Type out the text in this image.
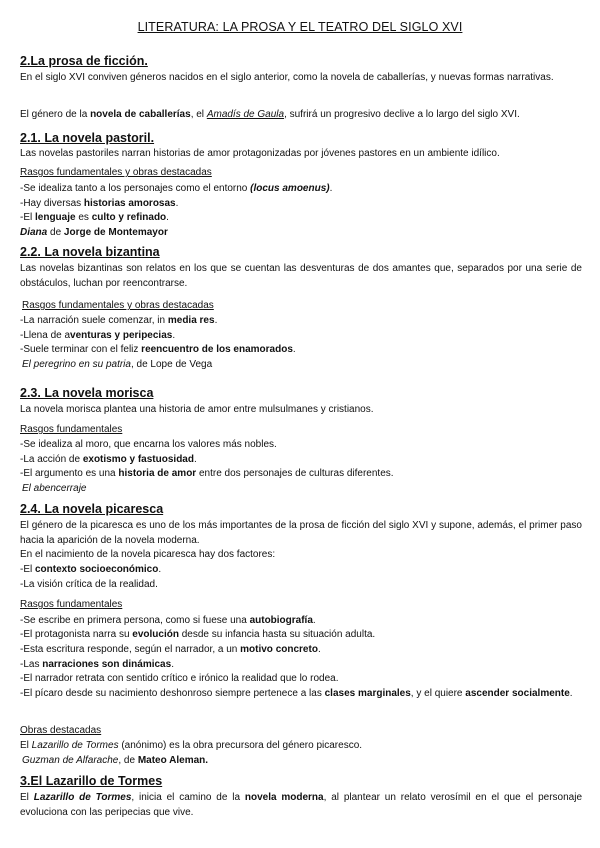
LITERATURA: LA PROSA Y EL TEATRO DEL SIGLO XVI
2.La prosa de ficción.
En el siglo XVI conviven géneros nacidos en el siglo anterior, como la novela de caballerías, y nuevas formas narrativas.
El género de la novela de caballerías, el Amadís de Gaula, sufrirá un progresivo declive a lo largo del siglo XVI.
2.1. La novela pastoril.
Las novelas pastoriles narran historias de amor protagonizadas por jóvenes pastores en un ambiente idílico.
Rasgos fundamentales y obras destacadas
-Se idealiza tanto a los personajes como el entorno (locus amoenus).
-Hay diversas historias amorosas.
-El lenguaje es culto y refinado.
Diana de Jorge de Montemayor
2.2. La novela bizantina
Las novelas bizantinas son relatos en los que se cuentan las desventuras de dos amantes que, separados por una serie de obstáculos, luchan por reencontrarse.
Rasgos fundamentales y obras destacadas
-La narración suele comenzar, in media res.
-Llena de aventuras y peripecias.
-Suele terminar con el feliz reencuentro de los enamorados.
El peregrino en su patria, de Lope de Vega
2.3. La novela morisca
La novela morisca plantea una historia de amor entre mulsulmanes y cristianos.
Rasgos fundamentales
-Se idealiza al moro, que encarna los valores más nobles.
-La acción de exotismo y fastuosidad.
-El argumento es una historia de amor entre dos personajes de culturas diferentes.
El abencerraje
2.4. La novela picaresca
El género de la picaresca es uno de los más importantes de la prosa de ficción del siglo XVI y supone, además, el primer paso hacia la aparición de la novela moderna.
En el nacimiento de la novela picaresca hay dos factores:
-El contexto socioeconómico.
-La visión crítica de la realidad.
Rasgos fundamentales
-Se escribe en primera persona, como si fuese una autobiografía.
-El protagonista narra su evolución desde su infancia hasta su situación adulta.
-Esta escritura responde, según el narrador, a un motivo concreto.
-Las narraciones son dinámicas.
-El narrador retrata con sentido crítico e irónico la realidad que lo rodea.
-El pícaro desde su nacimiento deshonroso siempre pertenece a las clases marginales, y el quiere ascender socialmente.
Obras destacadas
El Lazarillo de Tormes (anónimo) es la obra precursora del género picaresco.
Guzman de Alfarache, de Mateo Aleman.
3.El Lazarillo de Tormes
El Lazarillo de Tormes, inicia el camino de la novela moderna, al plantear un relato verosímil en el que el personaje evoluciona con las peripecias que vive.
